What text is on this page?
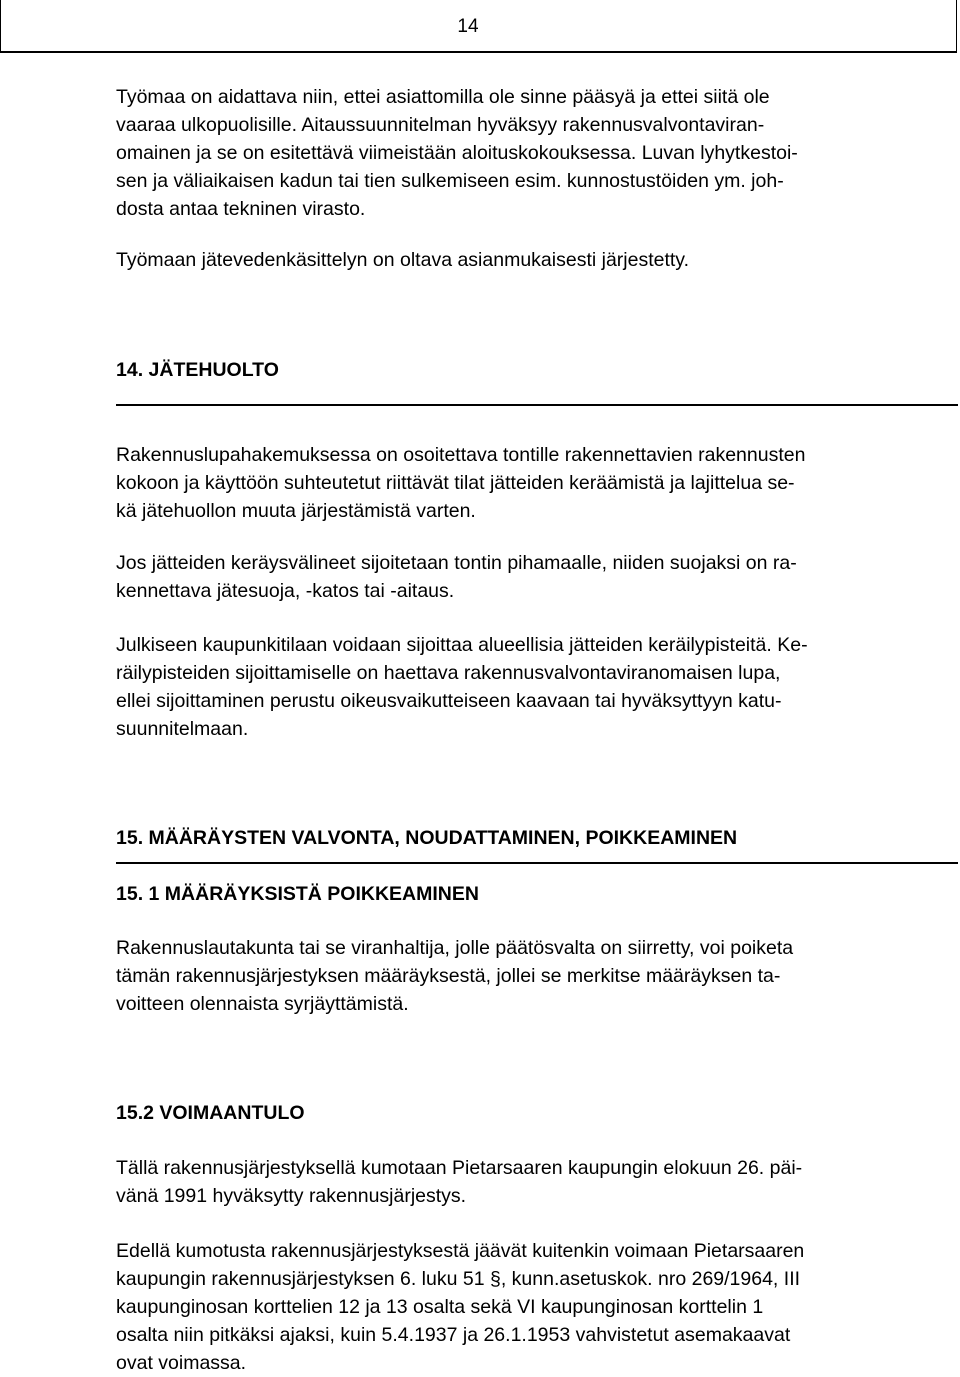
14

Työmaa on aidattava niin, ettei asiattomilla ole sinne pääsyä ja ettei siitä ole
vaaraa ulkopuolisille. Aitaussuunnitelman hyväksyy rakennusvalvontaviran-
omainen ja se on esitettävä viimeistään aloituskokouksessa. Luvan lyhytkestoi-
sen ja väliaikaisen kadun tai tien sulkemiseen esim. kunnostustöiden ym. joh-
dosta antaa tekninen virasto.

Työmaan jätevedenkäsittelyn on oltava asianmukaisesti järjestetty.

14. JÄTEHUOLTO

Rakennuslupahakemuksessa on osoitettava tontille rakennettavien rakennusten
kokoon ja käyttöön suhteutetut riittävät tilat jätteiden keräämistä ja lajittelua se-
kä jätehuollon muuta järjestämistä varten.

Jos jätteiden keräysvälineet sijoitetaan tontin pihamaalle, niiden suojaksi on ra-
kennettava jätesuoja, -katos tai -aitaus.

Julkiseen kaupunkitilaan voidaan sijoittaa alueellisia jätteiden keräilypisteitä. Ke-
räilypisteiden sijoittamiselle on haettava rakennusvalvontaviranomaisen lupa,
ellei sijoittaminen perustu oikeusvaikutteiseen kaavaan tai hyväksyttyyn katu-
suunnitelmaan.

15. MÄÄRÄYSTEN VALVONTA, NOUDATTAMINEN, POIKKEAMINEN
15. 1 MÄÄRÄYKSISTÄ POIKKEAMINEN

Rakennuslautakunta tai se viranhaltija, jolle päätösvalta on siirretty, voi poiketa
tämän rakennusjärjestyksen määräyksestä, jollei se merkitse määräyksen ta-
voitteen olennaista syrjäyttämistä.

15.2 VOIMAANTULO

Tällä rakennusjärjestyksellä kumotaan Pietarsaaren kaupungin elokuun 26. päi-
vänä 1991 hyväksytty rakennusjärjestys.

Edellä kumotusta rakennusjärjestyksestä jäävät kuitenkin voimaan Pietarsaaren
kaupungin rakennusjärjestyksen 6. luku 51 §, kunn.asetuskok. nro 269/1964, III
kaupunginosan korttelien 12 ja 13 osalta sekä VI kaupunginosan korttelin 1
osalta niin pitkäksi ajaksi, kuin 5.4.1937 ja 26.1.1953 vahvistetut asemakaavat
ovat voimassa.
